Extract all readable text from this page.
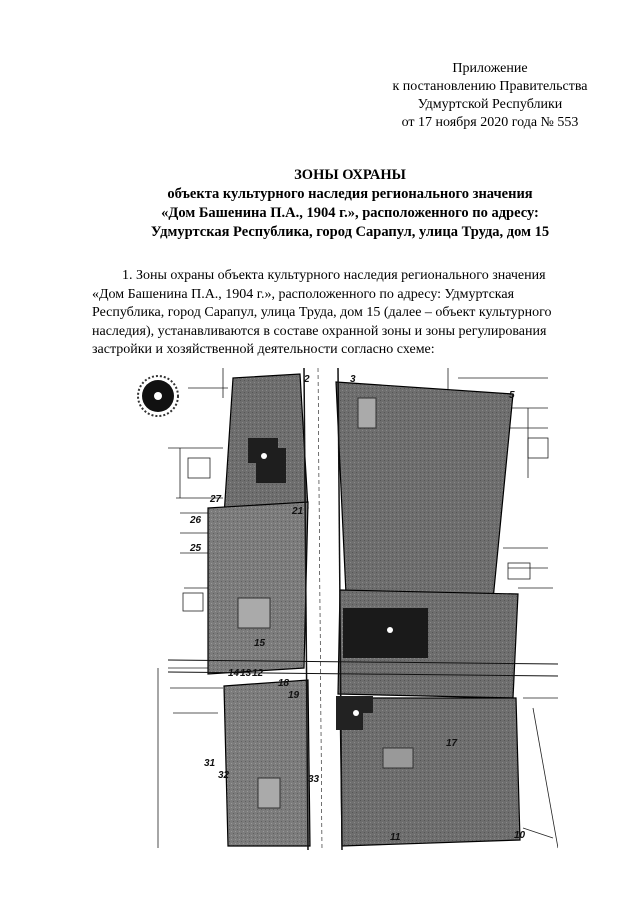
Приложение
к постановлению Правительства
Удмуртской Республики
от 17 ноября 2020 года № 553
ЗОНЫ ОХРАНЫ
объекта культурного наследия регионального значения
«Дом Башенина П.А., 1904 г.», расположенного по адресу:
Удмуртская Республика, город Сарапул, улица Труда, дом 15
1. Зоны охраны объекта культурного наследия регионального значения
«Дом Башенина П.А., 1904 г.», расположенного по адресу: Удмуртская
Республика, город Сарапул, улица Труда, дом 15 (далее – объект культурного
наследия), устанавливаются в составе охранной зоны и зоны регулирования
застройки и хозяйственной деятельности согласно схеме:
2	3
5
27
26
25
21
15
14 13 12
18
19
17
31
32	33
11	10
